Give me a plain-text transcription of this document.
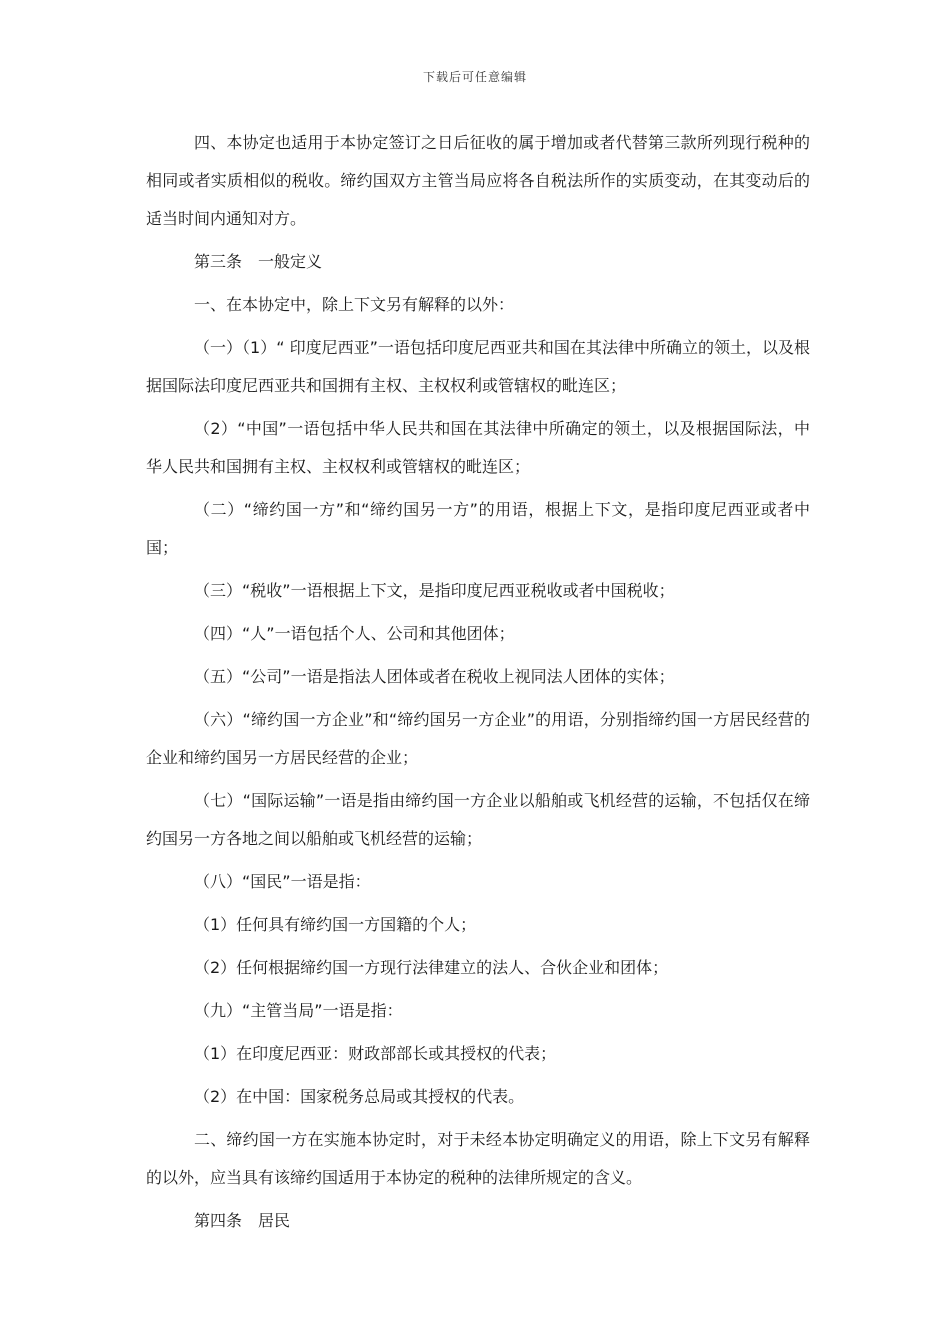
下载后可任意编辑

四、本协定也适用于本协定签订之日后征收的属于增加或者代替第三款所列现行税种的相同或者实质相似的税收。缔约国双方主管当局应将各自税法所作的实质变动，在其变动后的适当时间内通知对方。

第三条　一般定义

一、在本协定中，除上下文另有解释的以外：

（一）（1）“ 印度尼西亚”一语包括印度尼西亚共和国在其法律中所确立的领土，以及根据国际法印度尼西亚共和国拥有主权、主权权利或管辖权的毗连区；

（2）“中国”一语包括中华人民共和国在其法律中所确定的领土，以及根据国际法，中华人民共和国拥有主权、主权权利或管辖权的毗连区；

（二）“缔约国一方”和“缔约国另一方”的用语，根据上下文，是指印度尼西亚或者中国；

（三）“税收”一语根据上下文，是指印度尼西亚税收或者中国税收；

（四）“人”一语包括个人、公司和其他团体；

（五）“公司”一语是指法人团体或者在税收上视同法人团体的实体；

（六）“缔约国一方企业”和“缔约国另一方企业”的用语，分别指缔约国一方居民经营的企业和缔约国另一方居民经营的企业；

（七）“国际运输”一语是指由缔约国一方企业以船舶或飞机经营的运输，不包括仅在缔约国另一方各地之间以船舶或飞机经营的运输；

（八）“国民”一语是指：

（1）任何具有缔约国一方国籍的个人；

（2）任何根据缔约国一方现行法律建立的法人、合伙企业和团体；

（九）“主管当局”一语是指：

（1）在印度尼西亚：财政部部长或其授权的代表；

（2）在中国：国家税务总局或其授权的代表。

二、缔约国一方在实施本协定时，对于未经本协定明确定义的用语，除上下文另有解释的以外，应当具有该缔约国适用于本协定的税种的法律所规定的含义。

第四条　居民
